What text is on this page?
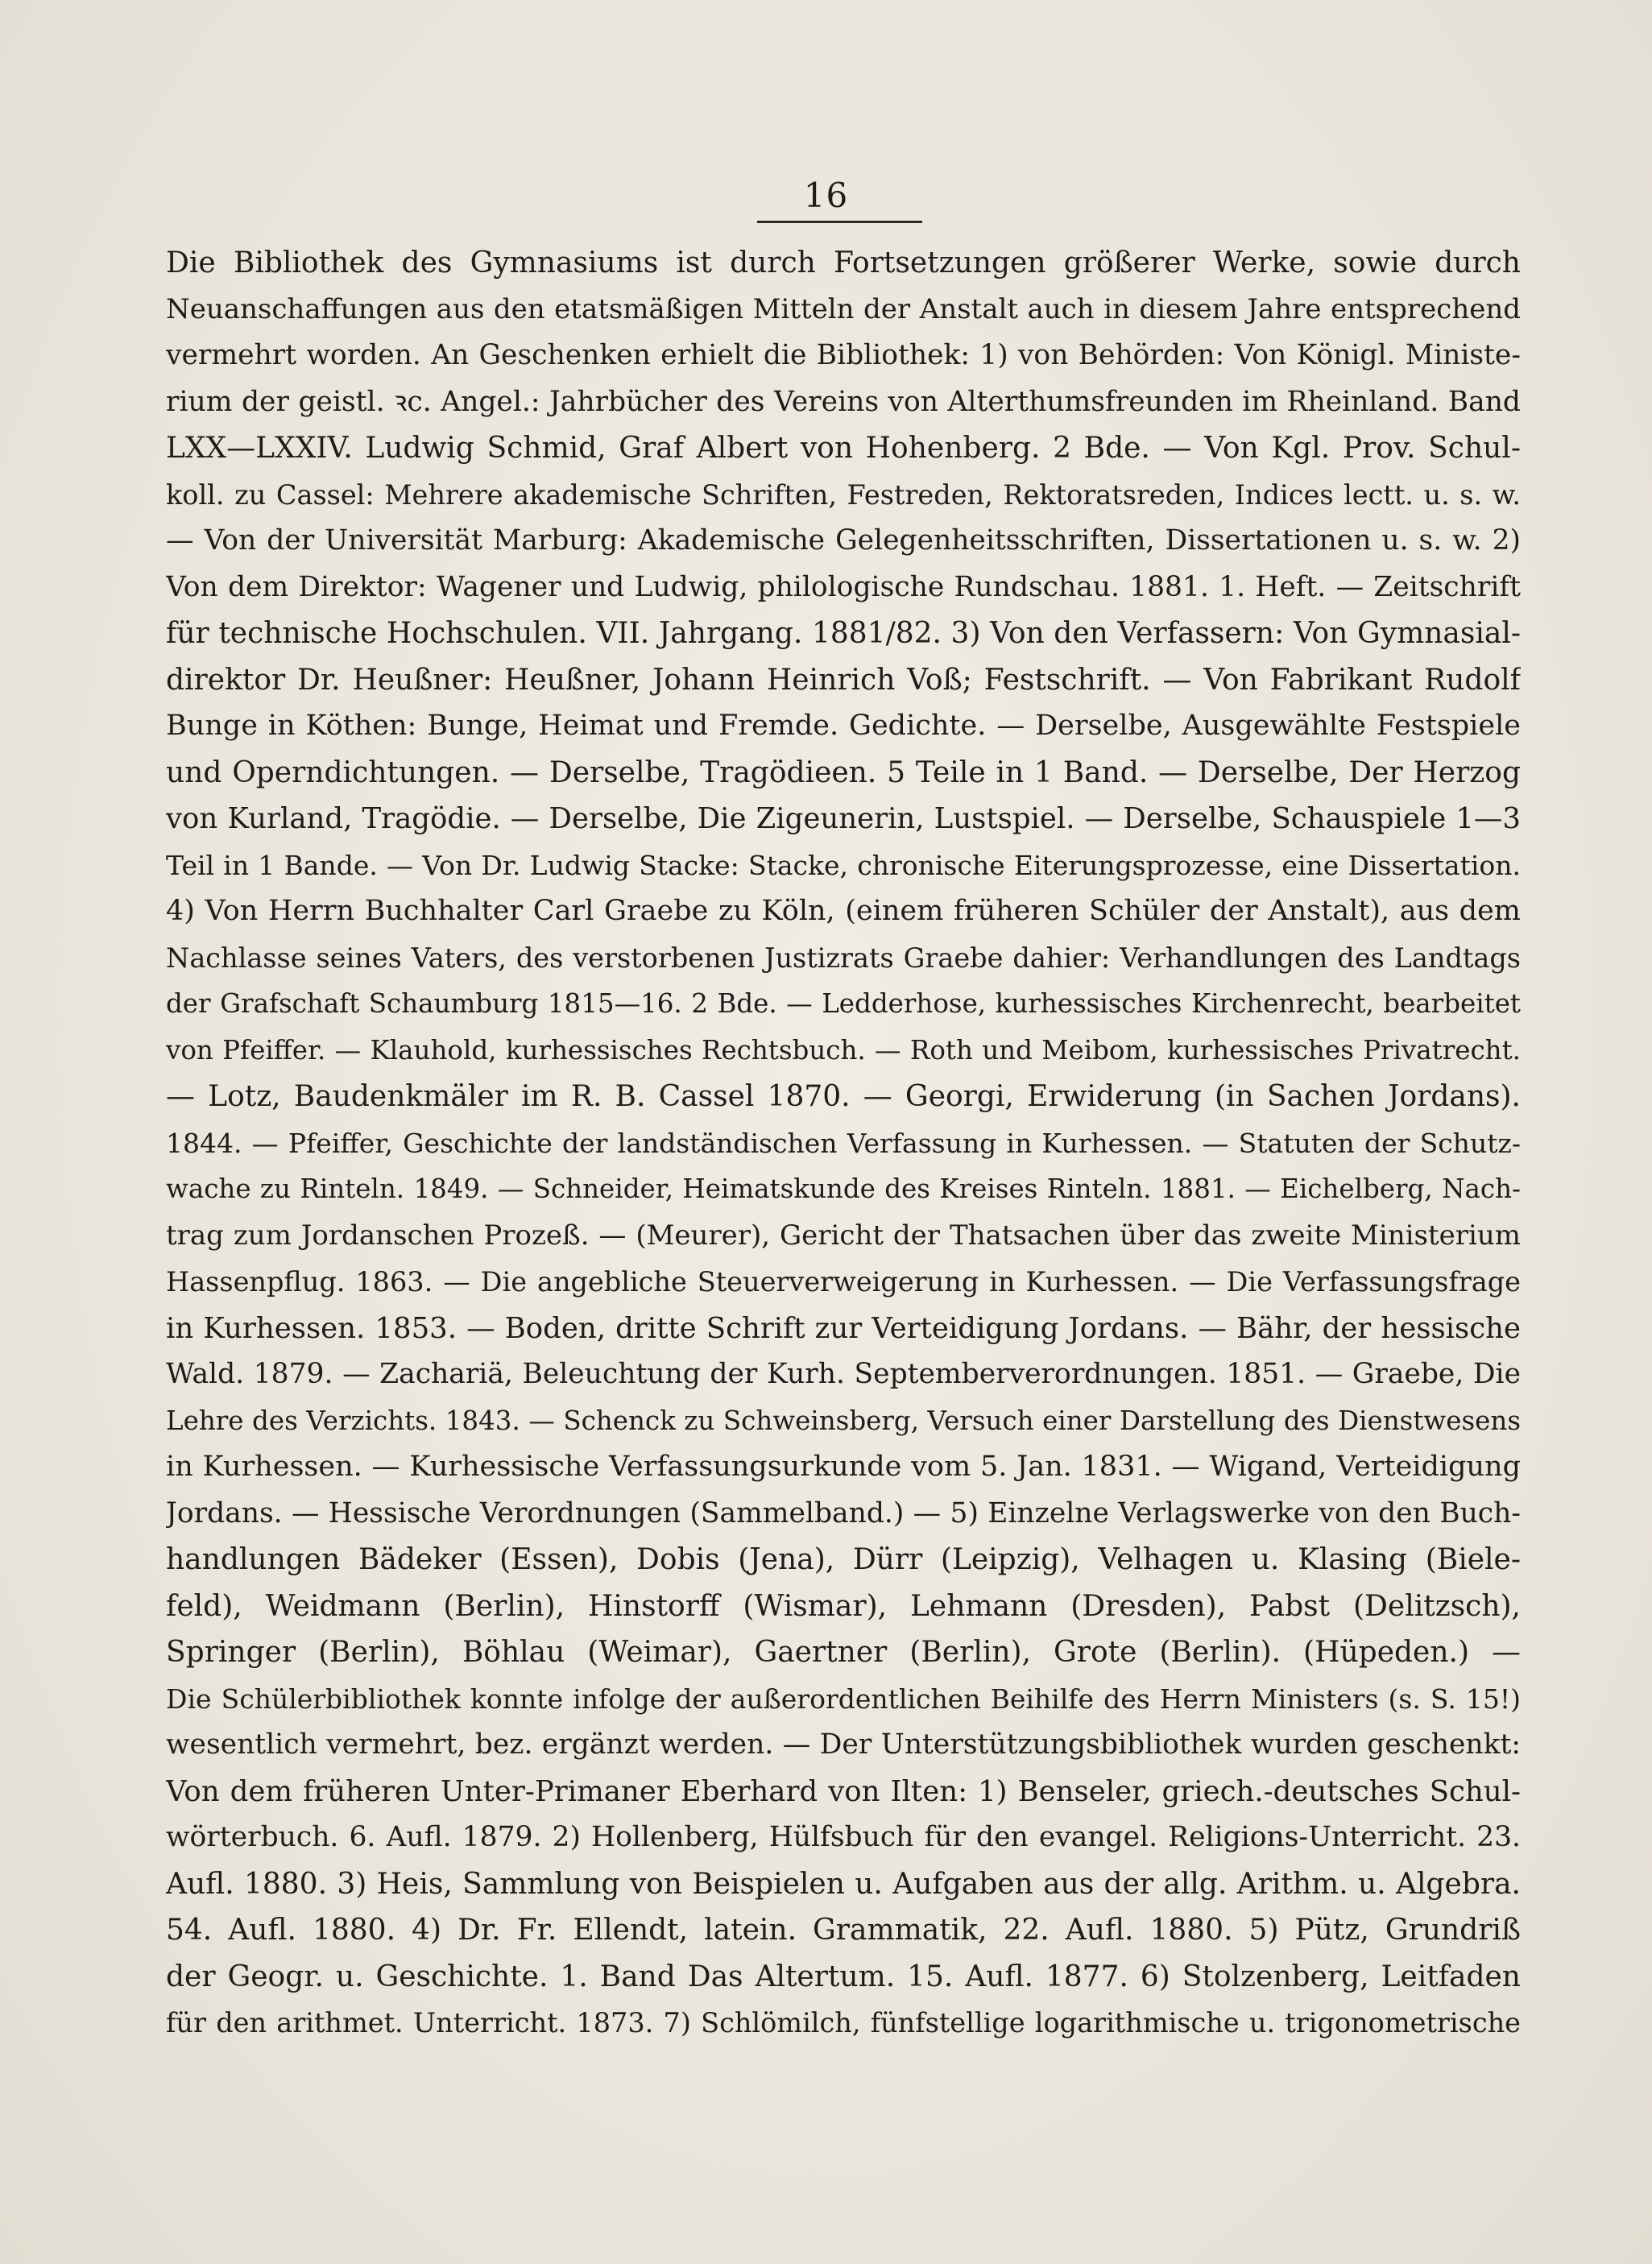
16
Die Bibliothek des Gymnasiums ist durch Fortsetzungen größerer Werke, sowie durch
Neuanschaffungen aus den etatsmäßigen Mitteln der Anstalt auch in diesem Jahre entsprechend
vermehrt worden. An Geschenken erhielt die Bibliothek: 1) von Behörden: Von Königl. Ministe-
rium der geistl. ꝛc. Angel.: Jahrbücher des Vereins von Alterthumsfreunden im Rheinland. Band
LXX—LXXIV. Ludwig Schmid, Graf Albert von Hohenberg. 2 Bde. — Von Kgl. Prov. Schul-
koll. zu Cassel: Mehrere akademische Schriften, Festreden, Rektoratsreden, Indices lectt. u. s. w.
— Von der Universität Marburg: Akademische Gelegenheitsschriften, Dissertationen u. s. w. 2)
Von dem Direktor: Wagener und Ludwig, philologische Rundschau. 1881. 1. Heft. — Zeitschrift
für technische Hochschulen. VII. Jahrgang. 1881/82. 3) Von den Verfassern: Von Gymnasial-
direktor Dr. Heußner: Heußner, Johann Heinrich Voß; Festschrift. — Von Fabrikant Rudolf
Bunge in Köthen: Bunge, Heimat und Fremde. Gedichte. — Derselbe, Ausgewählte Festspiele
und Operndichtungen. — Derselbe, Tragödieen. 5 Teile in 1 Band. — Derselbe, Der Herzog
von Kurland, Tragödie. — Derselbe, Die Zigeunerin, Lustspiel. — Derselbe, Schauspiele 1—3
Teil in 1 Bande. — Von Dr. Ludwig Stacke: Stacke, chronische Eiterungsprozesse, eine Dissertation.
4) Von Herrn Buchhalter Carl Graebe zu Köln, (einem früheren Schüler der Anstalt), aus dem
Nachlasse seines Vaters, des verstorbenen Justizrats Graebe dahier: Verhandlungen des Landtags
der Grafschaft Schaumburg 1815—16. 2 Bde. — Ledderhose, kurhessisches Kirchenrecht, bearbeitet
von Pfeiffer. — Klauhold, kurhessisches Rechtsbuch. — Roth und Meibom, kurhessisches Privatrecht.
— Lotz, Baudenkmäler im R. B. Cassel 1870. — Georgi, Erwiderung (in Sachen Jordans).
1844. — Pfeiffer, Geschichte der landständischen Verfassung in Kurhessen. — Statuten der Schutz-
wache zu Rinteln. 1849. — Schneider, Heimatskunde des Kreises Rinteln. 1881. — Eichelberg, Nach-
trag zum Jordanschen Prozeß. — (Meurer), Gericht der Thatsachen über das zweite Ministerium
Hassenpflug. 1863. — Die angebliche Steuerverweigerung in Kurhessen. — Die Verfassungsfrage
in Kurhessen. 1853. — Boden, dritte Schrift zur Verteidigung Jordans. — Bähr, der hessische
Wald. 1879. — Zachariä, Beleuchtung der Kurh. Septemberverordnungen. 1851. — Graebe, Die
Lehre des Verzichts. 1843. — Schenck zu Schweinsberg, Versuch einer Darstellung des Dienstwesens
in Kurhessen. — Kurhessische Verfassungsurkunde vom 5. Jan. 1831. — Wigand, Verteidigung
Jordans. — Hessische Verordnungen (Sammelband.) — 5) Einzelne Verlagswerke von den Buch-
handlungen Bädeker (Essen), Dobis (Jena), Dürr (Leipzig), Velhagen u. Klasing (Biele-
feld), Weidmann (Berlin), Hinstorff (Wismar), Lehmann (Dresden), Pabst (Delitzsch),
Springer (Berlin), Böhlau (Weimar), Gaertner (Berlin), Grote (Berlin). (Hüpeden.) —
Die Schülerbibliothek konnte infolge der außerordentlichen Beihilfe des Herrn Ministers (s. S. 15!)
wesentlich vermehrt, bez. ergänzt werden. — Der Unterstützungsbibliothek wurden geschenkt:
Von dem früheren Unter-Primaner Eberhard von Ilten: 1) Benseler, griech.-deutsches Schul-
wörterbuch. 6. Aufl. 1879. 2) Hollenberg, Hülfsbuch für den evangel. Religions-Unterricht. 23.
Aufl. 1880. 3) Heis, Sammlung von Beispielen u. Aufgaben aus der allg. Arithm. u. Algebra.
54. Aufl. 1880. 4) Dr. Fr. Ellendt, latein. Grammatik, 22. Aufl. 1880. 5) Pütz, Grundriß
der Geogr. u. Geschichte. 1. Band Das Altertum. 15. Aufl. 1877. 6) Stolzenberg, Leitfaden
für den arithmet. Unterricht. 1873. 7) Schlömilch, fünfstellige logarithmische u. trigonometrische
